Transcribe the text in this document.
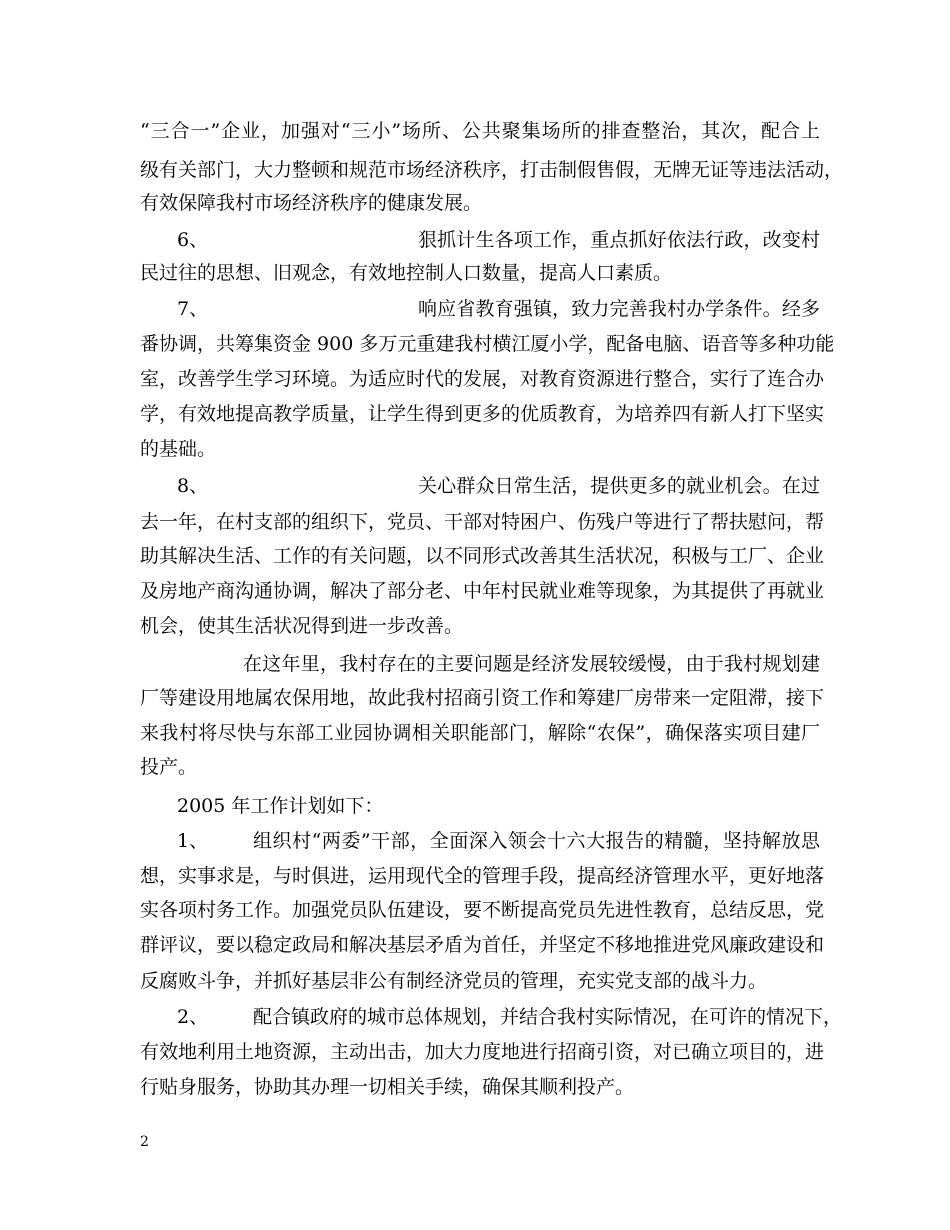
“三合一”企业，加强对“三小”场所、公共聚集场所的排查整治，其次，配合上
级有关部门，大力整顿和规范市场经济秩序，打击制假售假，无牌无证等违法活动，
有效保障我村市场经济秩序的健康发展。
6、	狠抓计生各项工作，重点抓好依法行政，改变村
民过往的思想、旧观念，有效地控制人口数量，提高人口素质。
7、	响应省教育强镇，致力完善我村办学条件。经多
番协调，共筹集资金 900 多万元重建我村横江厦小学，配备电脑、语音等多种功能
室，改善学生学习环境。为适应时代的发展，对教育资源进行整合，实行了连合办
学，有效地提高教学质量，让学生得到更多的优质教育，为培养四有新人打下坚实
的基础。
8、	关心群众日常生活，提供更多的就业机会。在过
去一年，在村支部的组织下，党员、干部对特困户、伤残户等进行了帮扶慰问，帮
助其解决生活、工作的有关问题，以不同形式改善其生活状况，积极与工厂、企业
及房地产商沟通协调，解决了部分老、中年村民就业难等现象，为其提供了再就业
机会，使其生活状况得到进一步改善。
在这年里，我村存在的主要问题是经济发展较缓慢，由于我村规划建
厂等建设用地属农保用地，故此我村招商引资工作和筹建厂房带来一定阻滞，接下
来我村将尽快与东部工业园协调相关职能部门，解除“农保”，确保落实项目建厂
投产。
2005 年工作计划如下：
1、 组织村“两委”干部，全面深入领会十六大报告的精髓，坚持解放思
想，实事求是，与时俱进，运用现代全的管理手段，提高经济管理水平，更好地落
实各项村务工作。加强党员队伍建设，要不断提高党员先进性教育，总结反思，党
群评议，要以稳定政局和解决基层矛盾为首任，并坚定不移地推进党风廉政建设和
反腐败斗争，并抓好基层非公有制经济党员的管理，充实党支部的战斗力。
2、 配合镇政府的城市总体规划，并结合我村实际情况，在可许的情况下，
有效地利用土地资源，主动出击，加大力度地进行招商引资，对已确立项目的，进
行贴身服务，协助其办理一切相关手续，确保其顺利投产。
2
